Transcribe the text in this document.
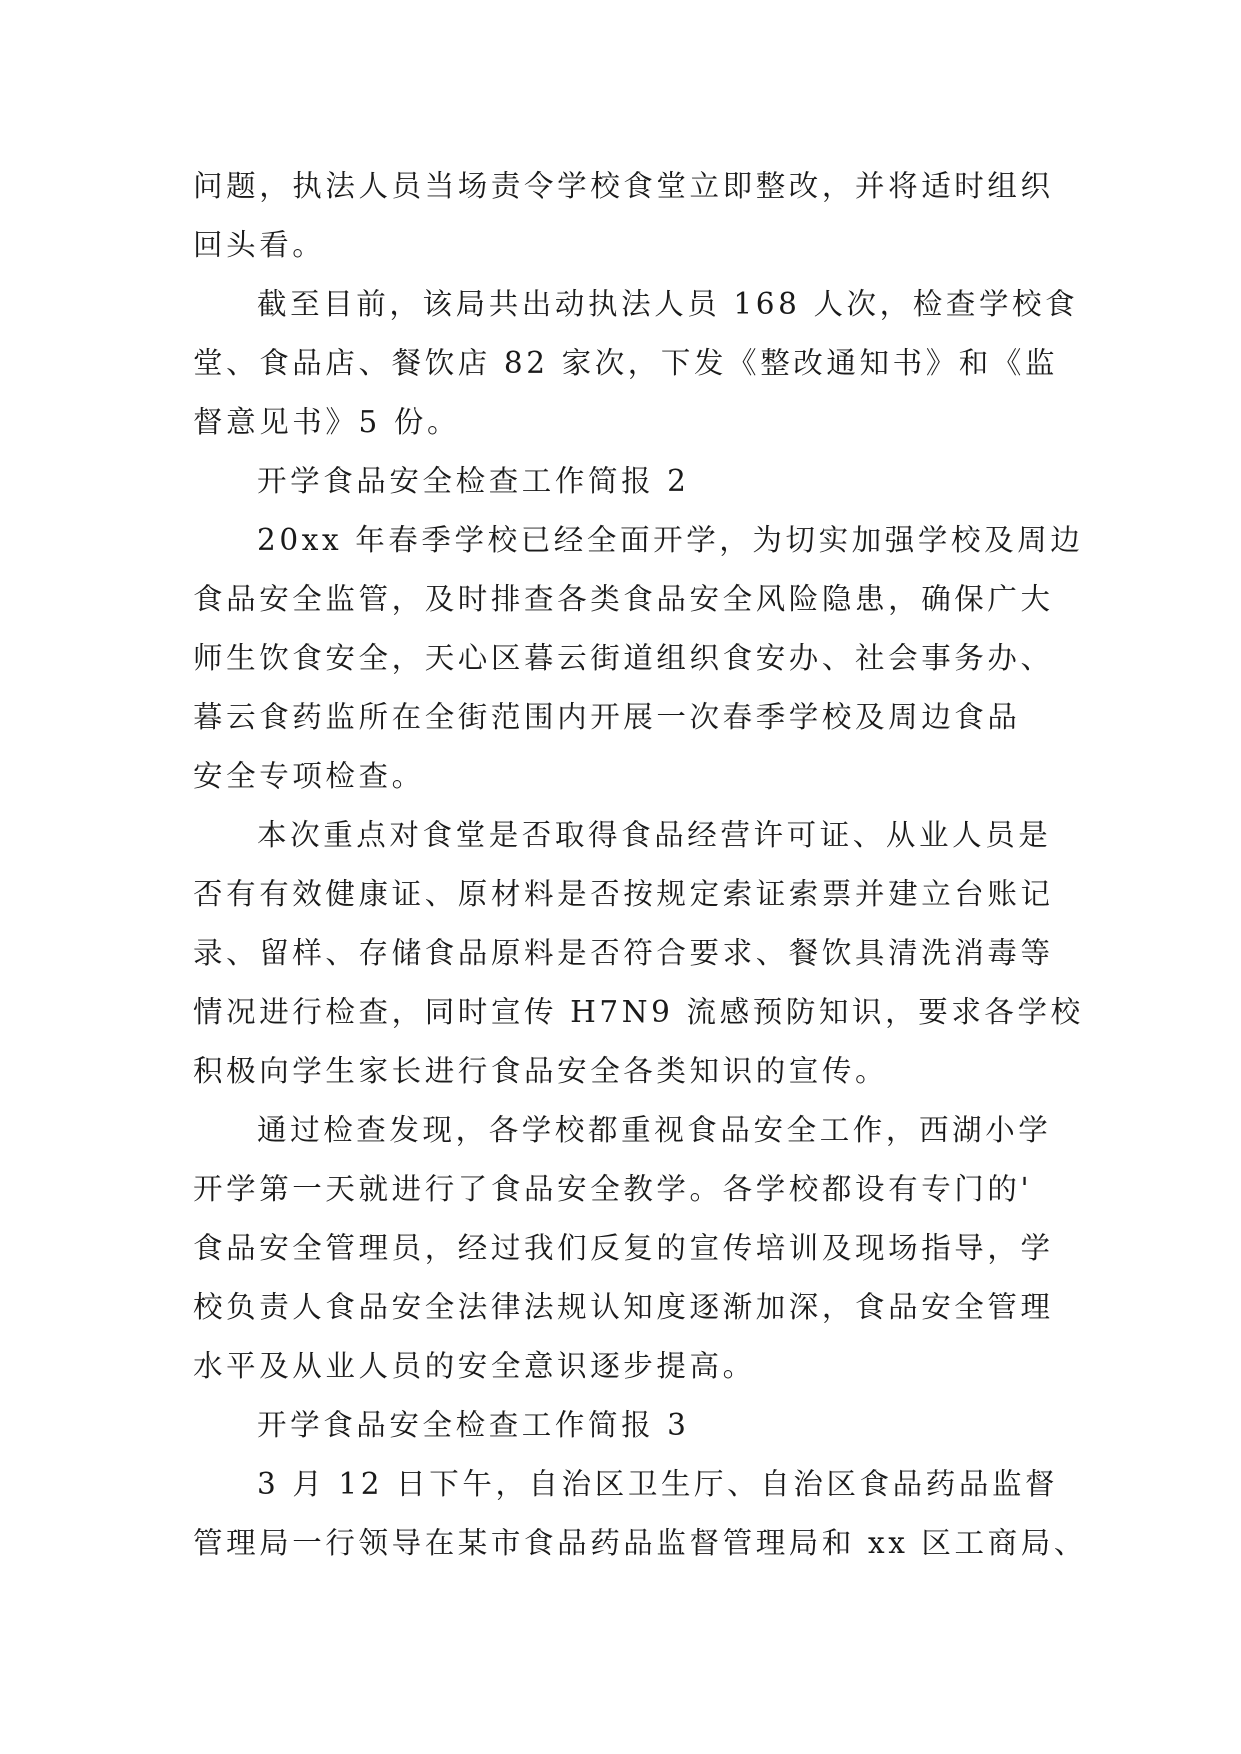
问题，执法人员当场责令学校食堂立即整改，并将适时组织
回头看。
截至目前，该局共出动执法人员 168 人次，检查学校食
堂、食品店、餐饮店 82 家次，下发《整改通知书》和《监
督意见书》5 份。
开学食品安全检查工作简报 2
20xx 年春季学校已经全面开学，为切实加强学校及周边
食品安全监管，及时排查各类食品安全风险隐患，确保广大
师生饮食安全，天心区暮云街道组织食安办、社会事务办、
暮云食药监所在全街范围内开展一次春季学校及周边食品
安全专项检查。
本次重点对食堂是否取得食品经营许可证、从业人员是
否有有效健康证、原材料是否按规定索证索票并建立台账记
录、留样、存储食品原料是否符合要求、餐饮具清洗消毒等
情况进行检查，同时宣传 H7N9 流感预防知识，要求各学校
积极向学生家长进行食品安全各类知识的宣传。
通过检查发现，各学校都重视食品安全工作，西湖小学
开学第一天就进行了食品安全教学。各学校都设有专门的'
食品安全管理员，经过我们反复的宣传培训及现场指导，学
校负责人食品安全法律法规认知度逐渐加深，食品安全管理
水平及从业人员的安全意识逐步提高。
开学食品安全检查工作简报 3
3 月 12 日下午，自治区卫生厅、自治区食品药品监督
管理局一行领导在某市食品药品监督管理局和 xx 区工商局、
